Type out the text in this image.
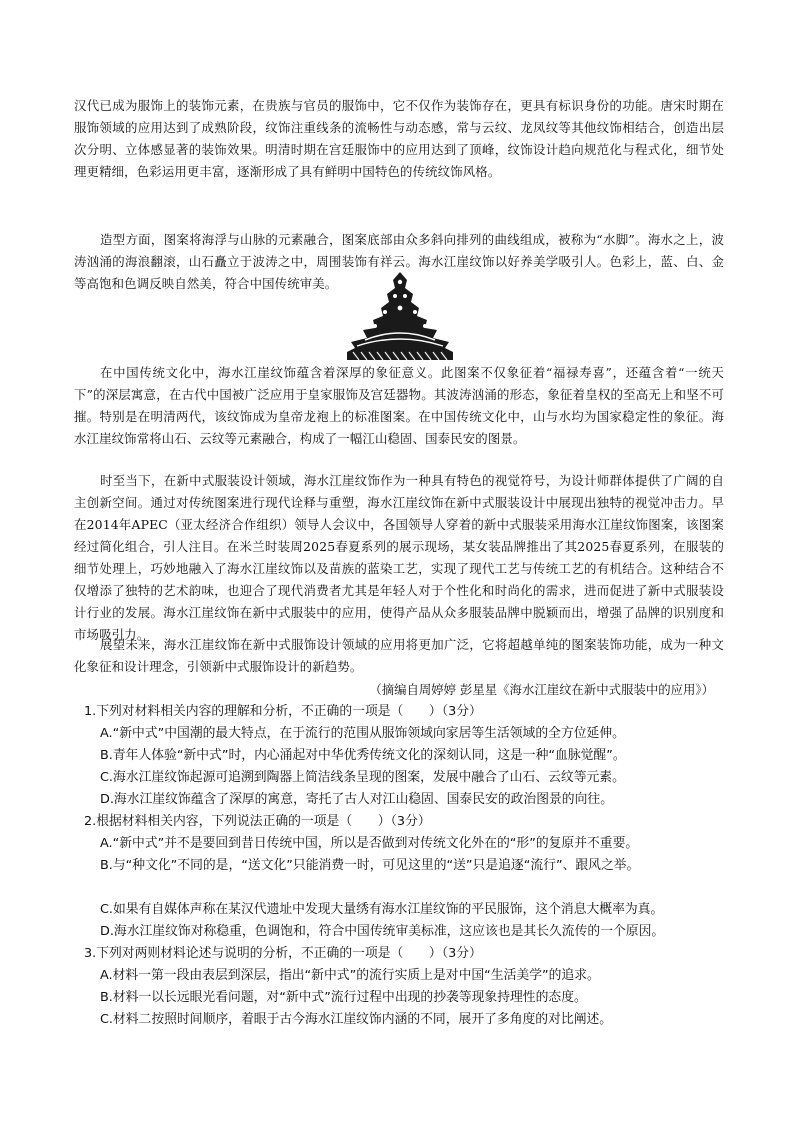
汉代已成为服饰上的装饰元素，在贵族与官员的服饰中，它不仅作为装饰存在，更具有标识身份的功能。唐宋时期在服饰领域的应用达到了成熟阶段，纹饰注重线条的流畅性与动态感，常与云纹、龙凤纹等其他纹饰相结合，创造出层次分明、立体感显著的装饰效果。明清时期在宫廷服饰中的应用达到了顶峰，纹饰设计趋向规范化与程式化，细节处理更精细，色彩运用更丰富，逐渐形成了具有鲜明中国特色的传统纹饰风格。

造型方面，图案将海浮与山脉的元素融合，图案底部由众多斜向排列的曲线组成，被称为“水脚”。海水之上，波涛汹涌的海浪翻滚，山石矗立于波涛之中，周围装饰有祥云。海水江崖纹饰以好养美学吸引人。色彩上，蓝、白、金等高饱和色调反映自然美，符合中国传统审美。

在中国传统文化中，海水江崖纹饰蕴含着深厚的象征意义。此图案不仅象征着“福禄寿喜”，还蕴含着“一统天下”的深层寓意，在古代中国被广泛应用于皇家服饰及宫廷器物。其波涛汹涌的形态，象征着皇权的至高无上和坚不可摧。特别是在明清两代，该纹饰成为皇帝龙袍上的标准图案。在中国传统文化中，山与水均为国家稳定性的象征。海水江崖纹饰常将山石、云纹等元素融合，构成了一幅江山稳固、国泰民安的图景。

时至当下，在新中式服装设计领域，海水江崖纹饰作为一种具有特色的视觉符号，为设计师群体提供了广阔的自主创新空间。通过对传统图案进行现代诠释与重塑，海水江崖纹饰在新中式服装设计中展现出独特的视觉冲击力。早在2014年APEC（亚太经济合作组织）领导人会议中，各国领导人穿着的新中式服装采用海水江崖纹饰图案，该图案经过简化组合，引人注目。在米兰时装周2025春夏系列的展示现场，某女装品牌推出了其2025春夏系列，在服装的细节处理上，巧妙地融入了海水江崖纹饰以及苗族的蓝染工艺，实现了现代工艺与传统工艺的有机结合。这种结合不仅增添了独特的艺术韵味，也迎合了现代消费者尤其是年轻人对于个性化和时尚化的需求，进而促进了新中式服装设计行业的发展。海水江崖纹饰在新中式服装中的应用，使得产品从众多服装品牌中脱颖而出，增强了品牌的识别度和市场吸引力。

展望未来，海水江崖纹饰在新中式服饰设计领域的应用将更加广泛，它将超越单纯的图案装饰功能，成为一种文化象征和设计理念，引领新中式服饰设计的新趋势。

（摘编自周婷婷 彭星星《海水江崖纹在新中式服装中的应用》）

1.下列对材料相关内容的理解和分析，不正确的一项是（　　）（3分）

A.“新中式”中国潮的最大特点，在于流行的范围从服饰领域向家居等生活领域的全方位延伸。

B.青年人体验“新中式”时，内心涌起对中华优秀传统文化的深刻认同，这是一种“血脉觉醒”。

C.海水江崖纹饰起源可追溯到陶器上简洁线条呈现的图案，发展中融合了山石、云纹等元素。

D.海水江崖纹饰蕴含了深厚的寓意，寄托了古人对江山稳固、国泰民安的政治图景的向往。

2.根据材料相关内容，下列说法正确的一项是（　　）（3分）

A.“新中式”并不是要回到昔日传统中国，所以是否做到对传统文化外在的“形”的复原并不重要。

B.与“种文化”不同的是，“送文化”只能消费一时，可见这里的“送”只是追逐“流行”、跟风之举。

C.如果有自媒体声称在某汉代遗址中发现大量绣有海水江崖纹饰的平民服饰，这个消息大概率为真。

D.海水江崖纹饰对称稳重，色调饱和，符合中国传统审美标准，这应该也是其长久流传的一个原因。

3.下列对两则材料论述与说明的分析，不正确的一项是（　　）（3分）

A.材料一第一段由表层到深层，指出“新中式”的流行实质上是对中国“生活美学”的追求。

B.材料一以长远眼光看问题，对“新中式”流行过程中出现的抄袭等现象持理性的态度。

C.材料二按照时间顺序，着眼于古今海水江崖纹饰内涵的不同，展开了多角度的对比阐述。
